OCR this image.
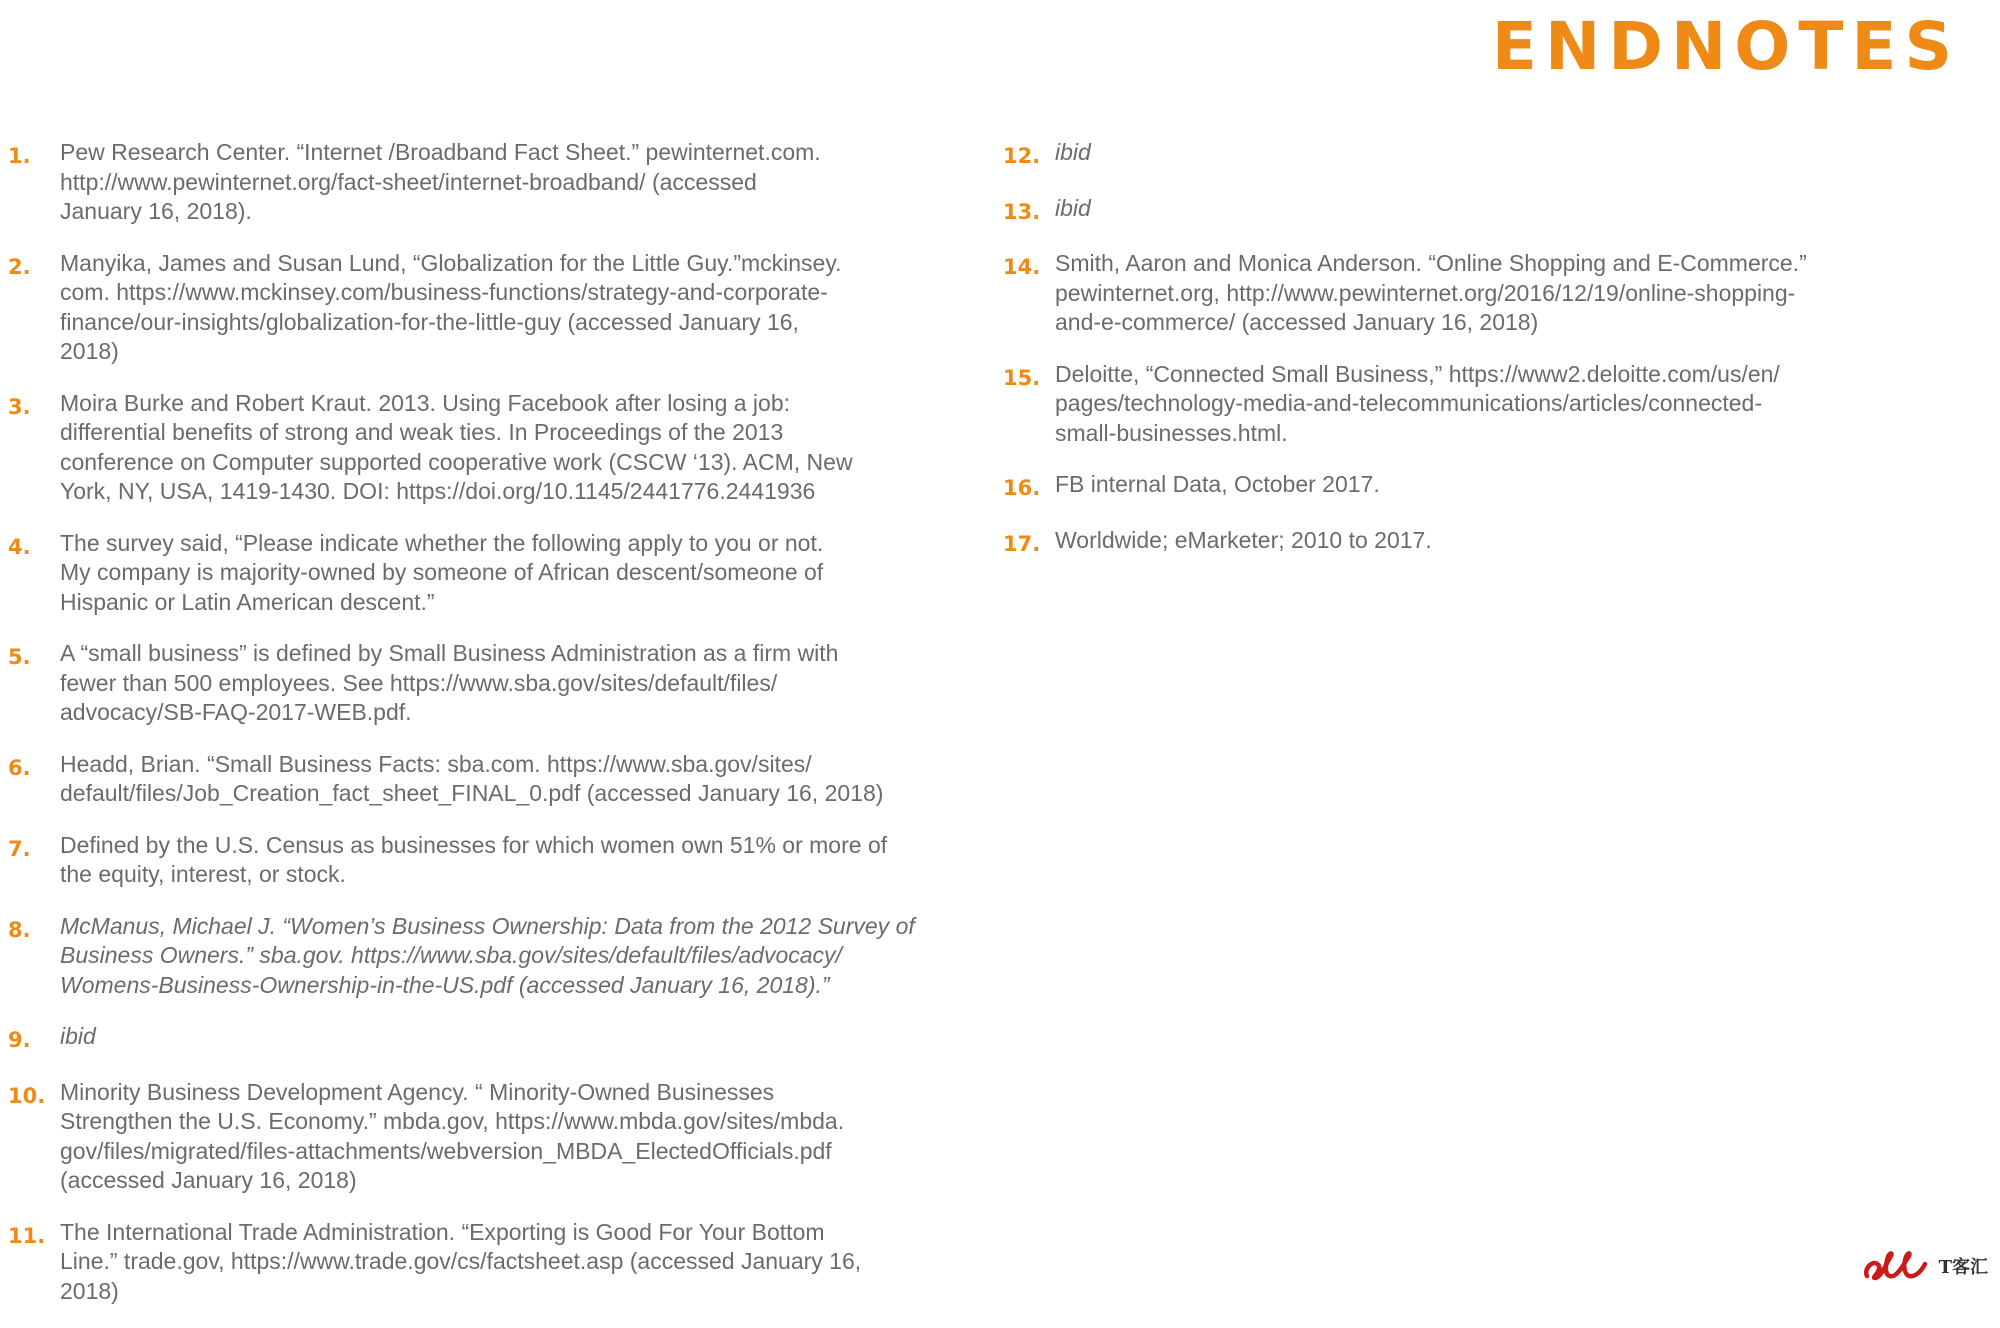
ENDNOTES
1.	Pew Research Center. “Internet /Broadband Fact Sheet.” pewinternet.com.
http://www.pewinternet.org/fact-sheet/internet-broadband/ (accessed
January 16, 2018).
2.	Manyika, James and Susan Lund, “Globalization for the Little Guy.”mckinsey.
com. https://www.mckinsey.com/business-functions/strategy-and-corporate-
finance/our-insights/globalization-for-the-little-guy (accessed January 16,
2018)
3.	Moira Burke and Robert Kraut. 2013. Using Facebook after losing a job:
differential benefits of strong and weak ties. In Proceedings of the 2013
conference on Computer supported cooperative work (CSCW ‘13). ACM, New
York, NY, USA, 1419-1430. DOI: https://doi.org/10.1145/2441776.2441936
4.	The survey said, “Please indicate whether the following apply to you or not.
My company is majority-owned by someone of African descent/someone of
Hispanic or Latin American descent.”
5.	A “small business” is defined by Small Business Administration as a firm with
fewer than 500 employees. See https://www.sba.gov/sites/default/files/
advocacy/SB-FAQ-2017-WEB.pdf.
6.	Headd, Brian. “Small Business Facts: sba.com. https://www.sba.gov/sites/
default/files/Job_Creation_fact_sheet_FINAL_0.pdf (accessed January 16, 2018)
7.	Defined by the U.S. Census as businesses for which women own 51% or more of
the equity, interest, or stock.
8.	McManus, Michael J. “Women’s Business Ownership: Data from the 2012 Survey of
Business Owners.” sba.gov. https://www.sba.gov/sites/default/files/advocacy/
Womens-Business-Ownership-in-the-US.pdf (accessed January 16, 2018).”
9.	ibid
10. Minority Business Development Agency. “ Minority-Owned Businesses
Strengthen the U.S. Economy.” mbda.gov, https://www.mbda.gov/sites/mbda.
gov/files/migrated/files-attachments/webversion_MBDA_ElectedOfficials.pdf
(accessed January 16, 2018)
11. The International Trade Administration. “Exporting is Good For Your Bottom
Line.” trade.gov, https://www.trade.gov/cs/factsheet.asp (accessed January 16,
2018)
12. ibid
13. ibid
14. Smith, Aaron and Monica Anderson. “Online Shopping and E-Commerce.”
pewinternet.org, http://www.pewinternet.org/2016/12/19/online-shopping-
and-e-commerce/ (accessed January 16, 2018)
15. Deloitte, “Connected Small Business,” https://www2.deloitte.com/us/en/
pages/technology-media-and-telecommunications/articles/connected-
small-businesses.html.
16. FB internal Data, October 2017.
17. Worldwide; eMarketer; 2010 to 2017.
T客汇
